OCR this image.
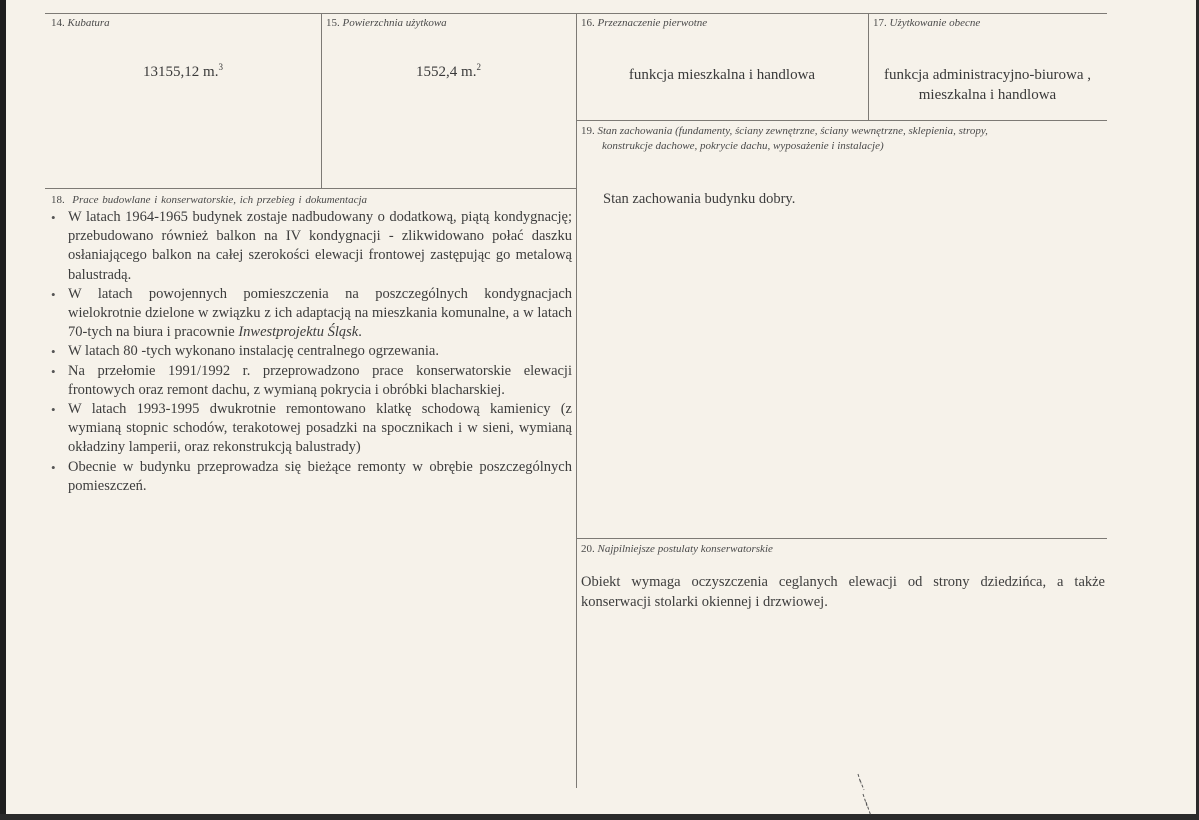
14. Kubatura
13155,12 m.$^3$
15. Powierzchnia użytkowa
1552,4 m.$^2$
16. Przeznaczenie pierwotne
funkcja mieszkalna i handlowa
17. Użytkowanie obecne
funkcja administracyjno-biurowa ,
mieszkalna i handlowa
18. Prace budowlane i konserwatorskie, ich przebieg i dokumentacja
• W latach 1964-1965 budynek zostaje nadbudowany o dodatkową, piątą kondygnację; przebudowano również balkon na IV kondygnacji - zlikwidowano połać daszku osłaniającego balkon na całej szerokości elewacji frontowej zastępując go metalową balustradą.
• W latach powojennych pomieszczenia na poszczególnych kondygnacjach wielokrotnie dzielone w związku z ich adaptacją na mieszkania komunalne, a w latach 70-tych na biura i pracownie Inwestprojektu Śląsk.
• W latach 80 -tych wykonano instalację centralnego ogrzewania.
• Na przełomie 1991/1992 r. przeprowadzono prace konserwatorskie elewacji frontowych oraz remont dachu, z wymianą pokrycia i obróbki blacharskiej.
• W latach 1993-1995 dwukrotnie remontowano klatkę schodową kamienicy (z wymianą stopnic schodów, terakotowej posadzki na spocznikach i w sieni, wymianą okładziny lamperii, oraz rekonstrukcją balustrady)
• Obecnie w budynku przeprowadza się bieżące remonty w obrębie poszczególnych pomieszczeń.
19. Stan zachowania (fundamenty, ściany zewnętrzne, ściany wewnętrzne, sklepienia, stropy,
konstrukcje dachowe, pokrycie dachu, wyposażenie i instalacje)
Stan zachowania budynku dobry.
20. Najpilniejsze postulaty konserwatorskie
Obiekt wymaga oczyszczenia ceglanych elewacji od strony dziedzińca, a także konserwacji stolarki okiennej i drzwiowej.
